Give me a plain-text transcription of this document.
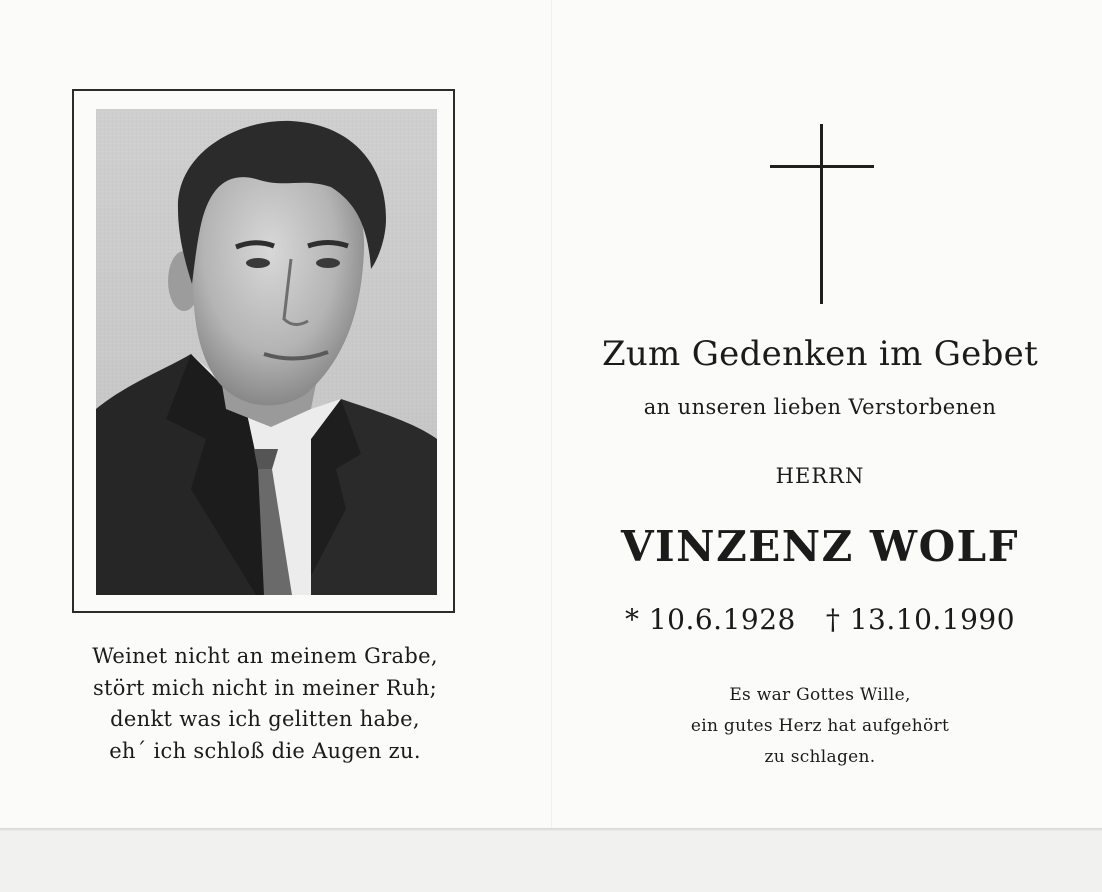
Weinet nicht an meinem Grabe,
stört mich nicht in meiner Ruh;
denkt was ich gelitten habe,
eh´ ich schloß die Augen zu.
Zum Gedenken im Gebet
an unseren lieben Verstorbenen
HERRN
VINZENZ WOLF
* 10.6.1928 † 13.10.1990
Es war Gottes Wille,
ein gutes Herz hat aufgehört
zu schlagen.
